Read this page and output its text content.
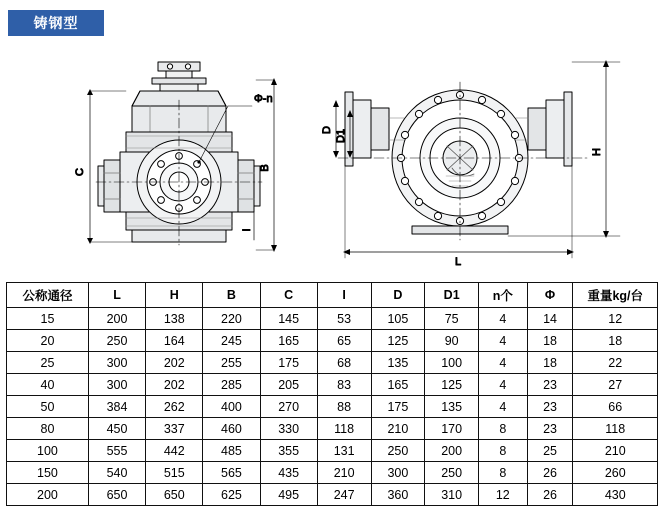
铸钢型
C
B
I
Φ-n
D D1
H
L
公称通径	L	H	B	C	I	D	D1	n个	Φ	重量kg/台
15	200	138	220	145	53	105	75	4	14	12
20	250	164	245	165	65	125	90	4	18	18
25	300	202	255	175	68	135	100	4	18	22
40	300	202	285	205	83	165	125	4	23	27
50	384	262	400	270	88	175	135	4	23	66
80	450	337	460	330	118	210	170	8	23	118
100	555	442	485	355	131	250	200	8	25	210
150	540	515	565	435	210	300	250	8	26	260
200	650	650	625	495	247	360	310	12	26	430
